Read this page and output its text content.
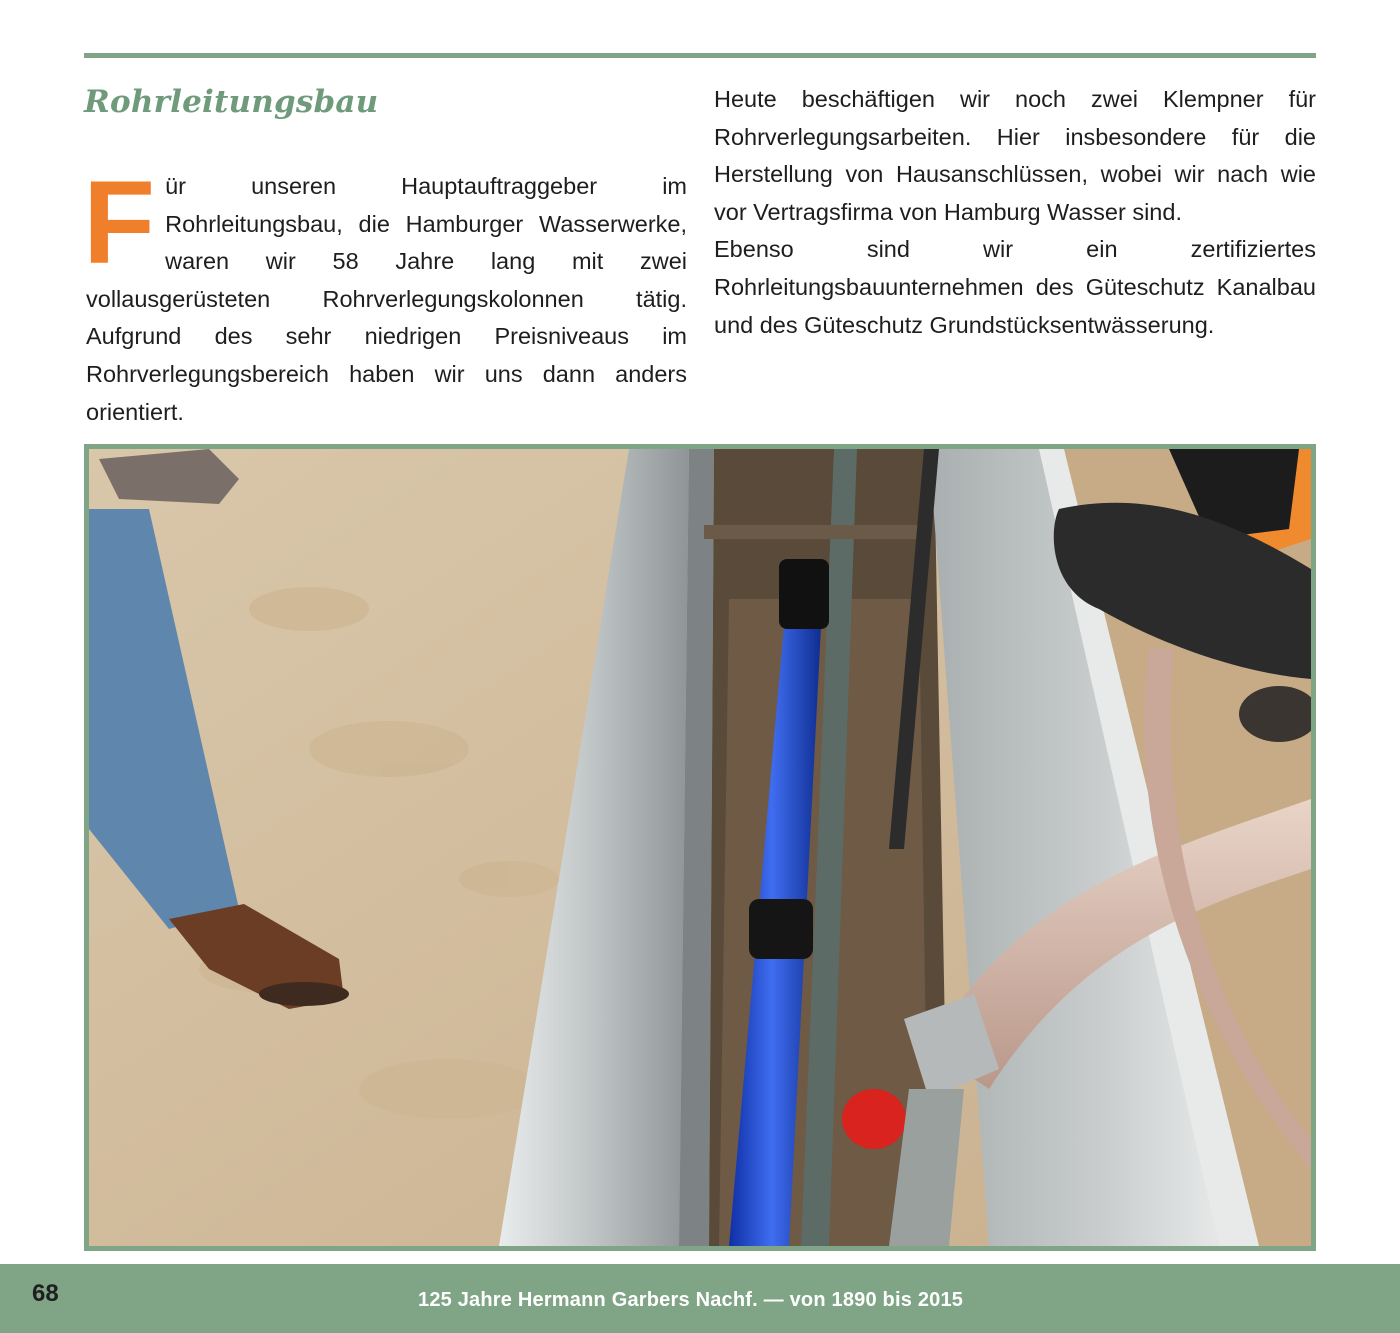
Rohrleitungsbau
F ür unseren Hauptauftraggeber im Rohrleitungsbau, die Hamburger Wasserwerke, waren wir 58 Jahre lang mit zwei vollausgerüsteten Rohrverlegungskolonnen tätig. Aufgrund des sehr niedrigen Preisniveaus im Rohrverlegungsbereich haben wir uns dann anders orientiert.

Heute beschäftigen wir noch zwei Klempner für Rohrverlegungsarbeiten. Hier insbesondere für die Herstellung von Hausanschlüssen, wobei wir nach wie vor Vertragsfirma von Hamburg Wasser sind.

Ebenso sind wir ein zertifiziertes Rohrleitungsbauunternehmen des Güteschutz Kanalbau und des Güteschutz Grundstücksentwässerung.

68	125 Jahre Hermann Garbers Nachf. — von 1890 bis 2015
